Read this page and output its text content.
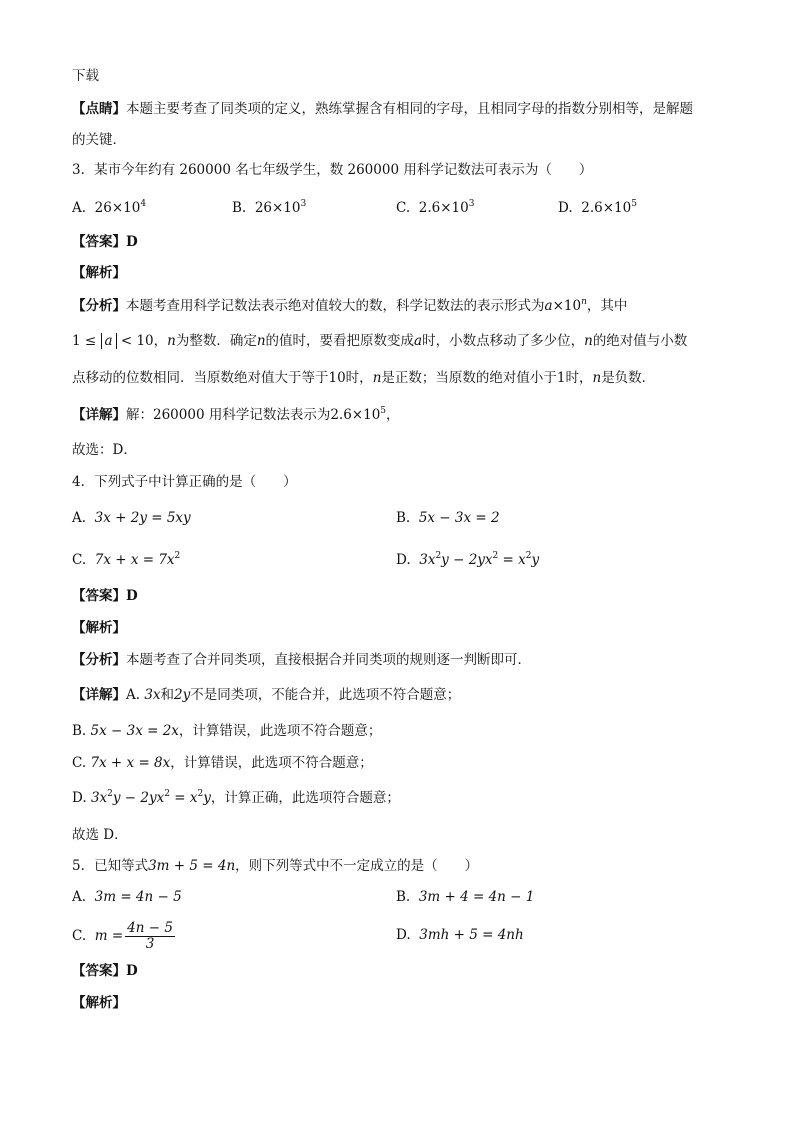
下载
【点睛】本题主要考查了同类项的定义，熟练掌握含有相同的字母，且相同字母的指数分别相等，是解题
的关键．
3．某市今年约有 260000 名七年级学生，数 260000 用科学记数法可表示为（　　）
A. $26\times 10^4$	B. $26\times 10^3$	C. $2.6\times 10^3$	D. $2.6\times 10^5$
【答案】D
【解析】
【分析】本题考查用科学记数法表示绝对值较大的数，科学记数法的表示形式为$a\times 10^n$，其中
1 ≤ a < 10，n为整数．确定n的值时，要看把原数变成a时，小数点移动了多少位，n的绝对值与小数
点移动的位数相同．当原数绝对值大于等于10时，n是正数；当原数的绝对值小于1时，n是负数．
【详解】解：260000 用科学记数法表示为$2.6\times 10^5$，
故选：D．
4．下列式子中计算正确的是（　　）
A. 3x + 2y = 5xy	B. 5x − 3x = 2
C. $7x + x = 7x^2$	D. $3x^2y - 2yx^2 = x^2y$
【答案】D
【解析】
【分析】本题考查了合并同类项，直接根据合并同类项的规则逐一判断即可．
【详解】A. 3x和2y不是同类项，不能合并，此选项不符合题意；
B. 5x − 3x = 2x，计算错误，此选项不符合题意；
C. 7x + x = 8x，计算错误，此选项不符合题意；
D. $3x^2y - 2yx^2 = x^2y$，计算正确，此选项符合题意；
故选 D．
5．已知等式3m + 5 = 4n，则下列等式中不一定成立的是（　　）
A. 3m = 4n − 5	B. 3m + 4 = 4n − 1
C. $m = \frac{4n - 5}{3}$	D. 3mh + 5 = 4nh
【答案】D
【解析】
